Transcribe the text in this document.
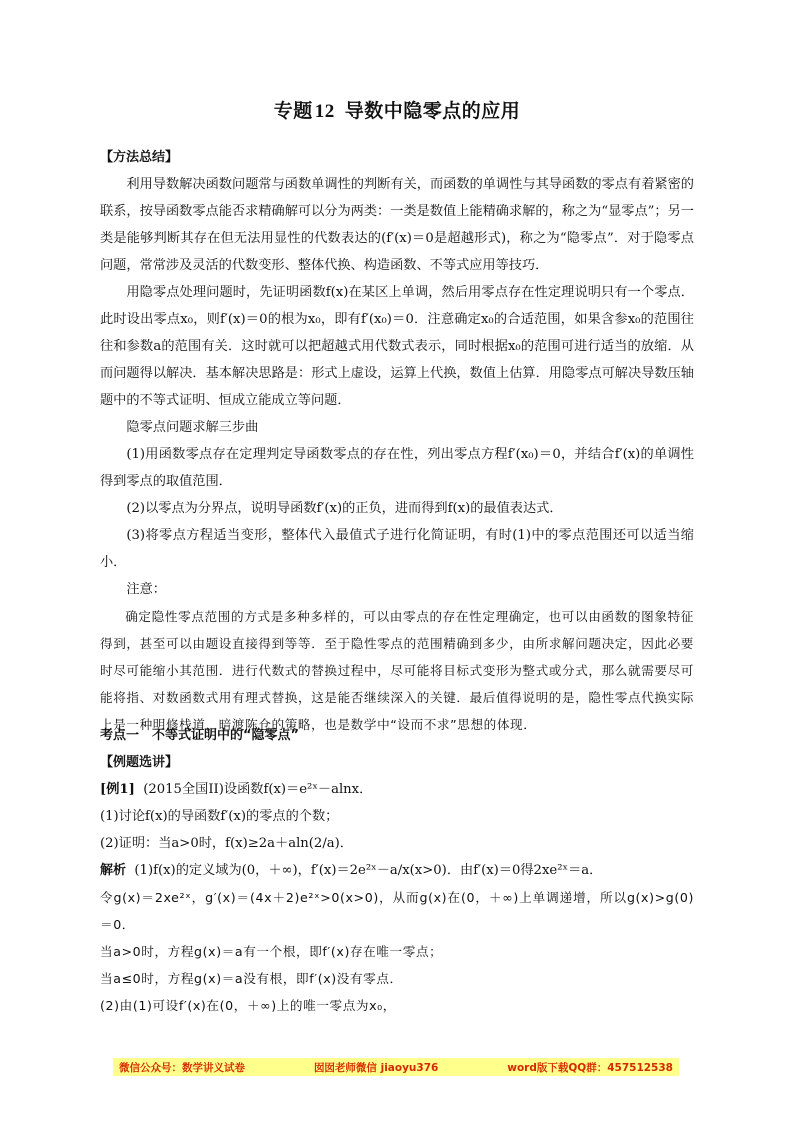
专题 12 导数中隐零点的应用

【方法总结】

利用导数解决函数问题常与函数单调性的判断有关，而函数的单调性与其导函数的零点有着紧密的联系，按导函数零点能否求精确解可以分为两类：一类是数值上能精确求解的，称之为“显零点”；另一类是能够判断其存在但无法用显性的代数表达的(f′(x)＝0是超越形式)，称之为“隐零点”．对于隐零点问题，常常涉及灵活的代数变形、整体代换、构造函数、不等式应用等技巧．

用隐零点处理问题时，先证明函数f(x)在某区上单调，然后用零点存在性定理说明只有一个零点．此时设出零点x₀，则f′(x)＝0的根为x₀，即有f′(x₀)＝0．注意确定x₀的合适范围，如果含参x₀的范围往往和参数a的范围有关．这时就可以把超越式用代数式表示，同时根据x₀的范围可进行适当的放缩．从而问题得以解决．基本解决思路是：形式上虚设，运算上代换，数值上估算．用隐零点可解决导数压轴题中的不等式证明、恒成立能成立等问题．

隐零点问题求解三步曲

(1)用函数零点存在定理判定导函数零点的存在性，列出零点方程f′(x₀)＝0，并结合f′(x)的单调性得到零点的取值范围．

(2)以零点为分界点，说明导函数f′(x)的正负，进而得到f(x)的最值表达式．

(3)将零点方程适当变形，整体代入最值式子进行化简证明，有时(1)中的零点范围还可以适当缩小．

注意：

确定隐性零点范围的方式是多种多样的，可以由零点的存在性定理确定，也可以由函数的图象特征得到，甚至可以由题设直接得到等等．至于隐性零点的范围精确到多少，由所求解问题决定，因此必要时尽可能缩小其范围．进行代数式的替换过程中，尽可能将目标式变形为整式或分式，那么就需要尽可能将指、对数函数式用有理式替换，这是能否继续深入的关键．最后值得说明的是，隐性零点代换实际上是一种明修栈道，暗渡陈仓的策略，也是数学中“设而不求”思想的体现．

考点一　不等式证明中的“隐零点”

【例题选讲】

[例1] (2015全国II)设函数f(x)＝e²ˣ－alnx．

(1)讨论f(x)的导函数f′(x)的零点的个数；

(2)证明：当a>0时，f(x)≥2a＋aln(2/a)．

解析 (1)f(x)的定义域为(0，＋∞)，f′(x)＝2e²ˣ－a/x(x>0)．由f′(x)＝0得2xe²ˣ＝a．

令g(x)＝2xe²ˣ，g′(x)＝(4x＋2)e²ˣ>0(x>0)，从而g(x)在(0，＋∞)上单调递增，所以g(x)>g(0)＝0．

当a>0时，方程g(x)＝a有一个根，即f′(x)存在唯一零点；

当a≤0时，方程g(x)＝a没有根，即f′(x)没有零点．

(2)由(1)可设f′(x)在(0，＋∞)上的唯一零点为x₀，

微信公众号：数学讲义试卷	囡囡老师微信 jiaoyu376	word版下载QQ群：457512538
